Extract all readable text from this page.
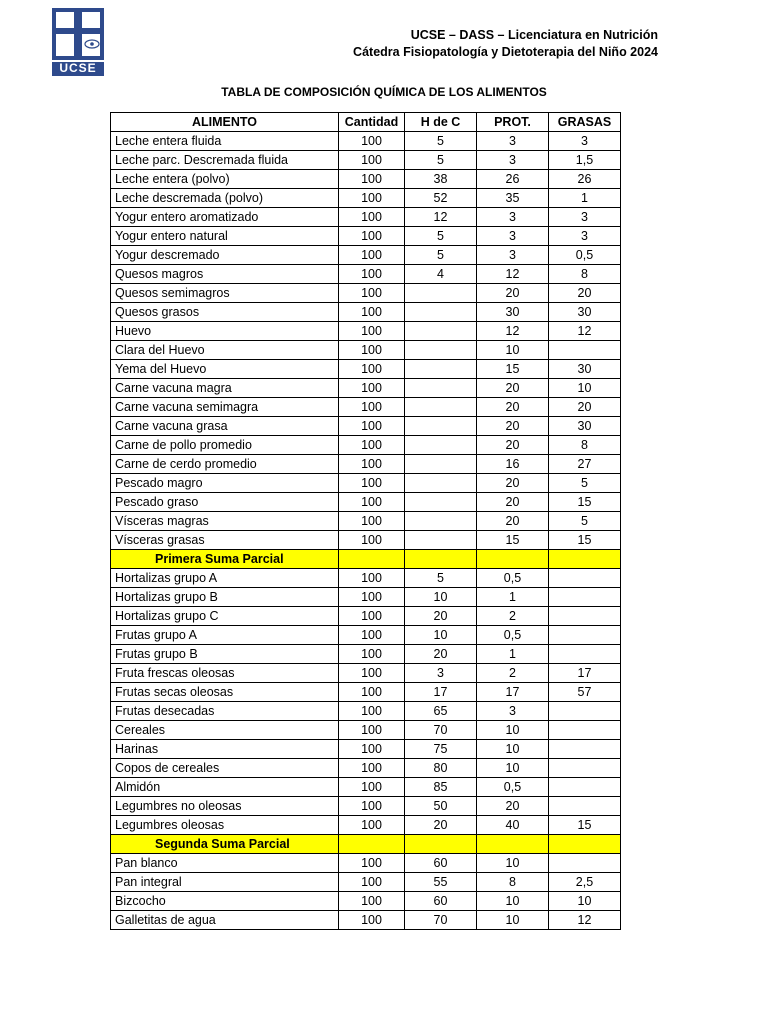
UCSE
UCSE – DASS – Licenciatura en Nutrición
Cátedra Fisiopatología y Dietoterapia del Niño 2024
TABLA DE COMPOSICIÓN QUÍMICA DE LOS ALIMENTOS
ALIMENTO	Cantidad	H de C	PROT.	GRASAS
Leche entera fluida	100	5	3	3
Leche parc. Descremada fluida	100	5	3	1,5
Leche entera (polvo)	100	38	26	26
Leche descremada (polvo)	100	52	35	1
Yogur entero aromatizado	100	12	3	3
Yogur entero natural	100	5	3	3
Yogur descremado	100	5	3	0,5
Quesos magros	100	4	12	8
Quesos semimagros	100		20	20
Quesos grasos	100		30	30
Huevo	100		12	12
Clara del Huevo	100		10	
Yema del Huevo	100		15	30
Carne vacuna magra	100		20	10
Carne vacuna semimagra	100		20	20
Carne vacuna grasa	100		20	30
Carne de pollo promedio	100		20	8
Carne de cerdo promedio	100		16	27
Pescado magro	100		20	5
Pescado graso	100		20	15
Vísceras magras	100		20	5
Vísceras grasas	100		15	15
Primera Suma Parcial				
Hortalizas grupo A	100	5	0,5	
Hortalizas grupo B	100	10	1	
Hortalizas grupo C	100	20	2	
Frutas grupo A	100	10	0,5	
Frutas grupo B	100	20	1	
Fruta frescas oleosas	100	3	2	17
Frutas secas oleosas	100	17	17	57
Frutas desecadas	100	65	3	
Cereales	100	70	10	
Harinas	100	75	10	
Copos de cereales	100	80	10	
Almidón	100	85	0,5	
Legumbres no oleosas	100	50	20	
Legumbres oleosas	100	20	40	15
Segunda Suma Parcial				
Pan blanco	100	60	10	
Pan integral	100	55	8	2,5
Bizcocho	100	60	10	10
Galletitas de agua	100	70	10	12
